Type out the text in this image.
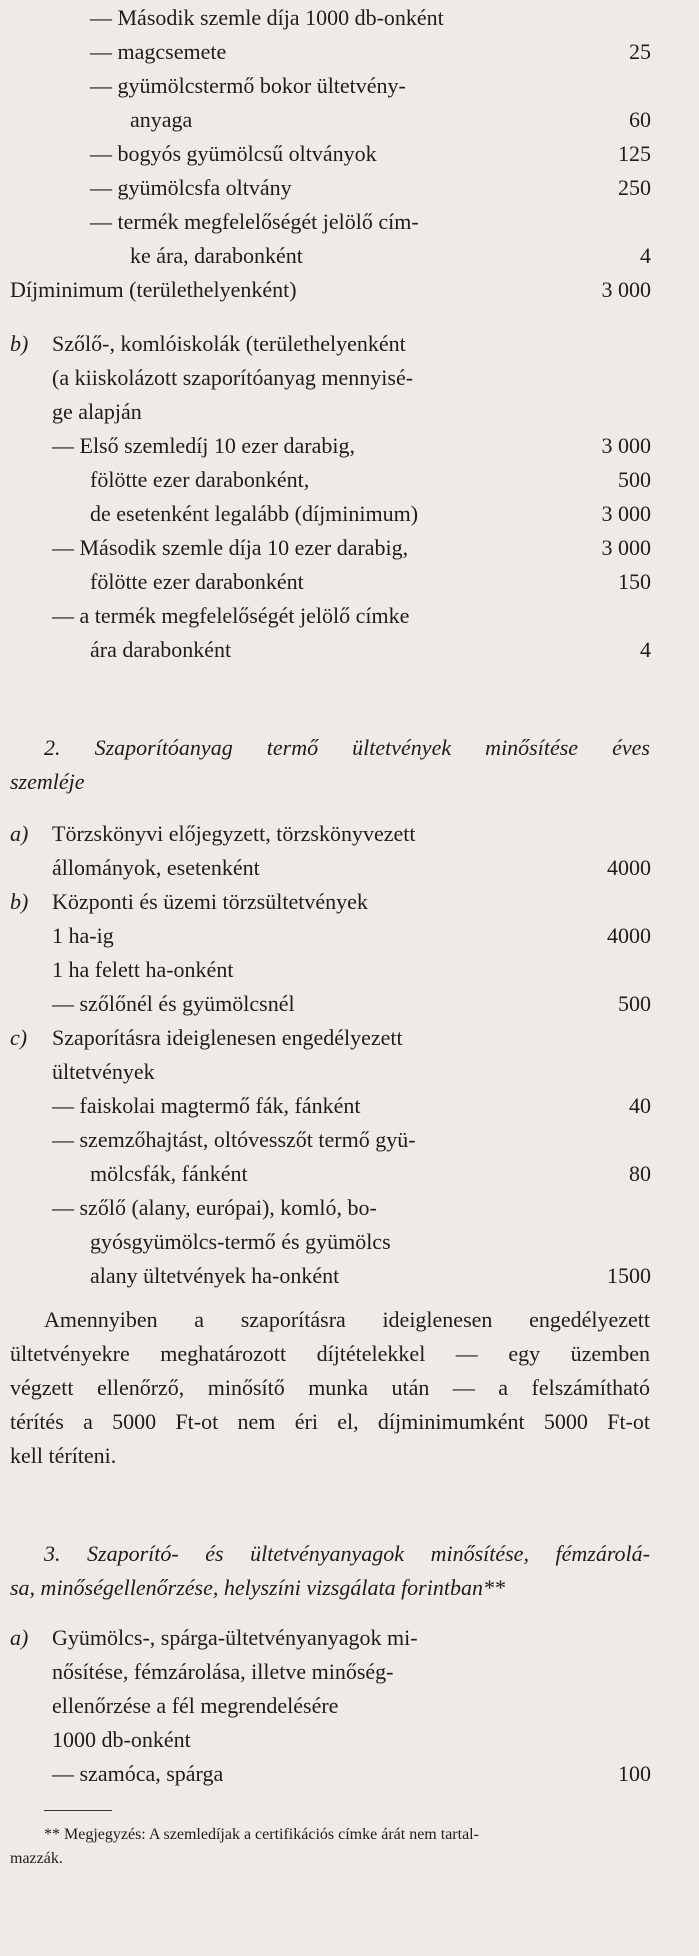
— Második szemle díja 1000 db-onként
— magcsemete	25
— gyümölcstermő bokor ültetvény-
anyaga	60
— bogyós gyümölcsű oltványok	125
— gyümölcsfa oltvány	250
— termék megfelelőségét jelölő cím-
ke ára, darabonként	4
Díjminimum (területhelyenként)	3 000
b) Szőlő-, komlóiskolák (területhelyenként
(a kiiskolázott szaporítóanyag mennyisé-
ge alapján
— Első szemledíj 10 ezer darabig,	3 000
fölötte ezer darabonként,	500
de esetenként legalább (díjminimum)	3 000
— Második szemle díja 10 ezer darabig,	3 000
fölötte ezer darabonként	150
— a termék megfelelőségét jelölő címke
ára darabonként	4
2. Szaporítóanyag termő ültetvények minősítése éves
szemléje
a) Törzskönyvi előjegyzett, törzskönyvezett
állományok, esetenként	4000
b) Központi és üzemi törzsültetvények
1 ha-ig	4000
1 ha felett ha-onként
— szőlőnél és gyümölcsnél	500
c) Szaporításra ideiglenesen engedélyezett
ültetvények
— faiskolai magtermő fák, fánként	40
— szemzőhajtást, oltóvesszőt termő gyü-
mölcsfák, fánként	80
— szőlő (alany, európai), komló, bo-
gyósgyümölcs-termő és gyümölcs
alany ültetvények ha-onként	1500
Amennyiben a szaporításra ideiglenesen engedélyezett
ültetvényekre meghatározott díjtételekkel — egy üzemben
végzett ellenőrző, minősítő munka után — a felszámítható
térítés a 5000 Ft-ot nem éri el, díjminimumként 5000 Ft-ot
kell téríteni.
3. Szaporító- és ültetvényanyagok minősítése, fémzárolá-
sa, minőségellenőrzése, helyszíni vizsgálata forintban**
a) Gyümölcs-, spárga-ültetvényanyagok mi-
nősítése, fémzárolása, illetve minőség-
ellenőrzése a fél megrendelésére
1000 db-onként
— szamóca, spárga	100
** Megjegyzés: A szemledíjak a certifikációs címke árát nem tartal-
mazzák.
